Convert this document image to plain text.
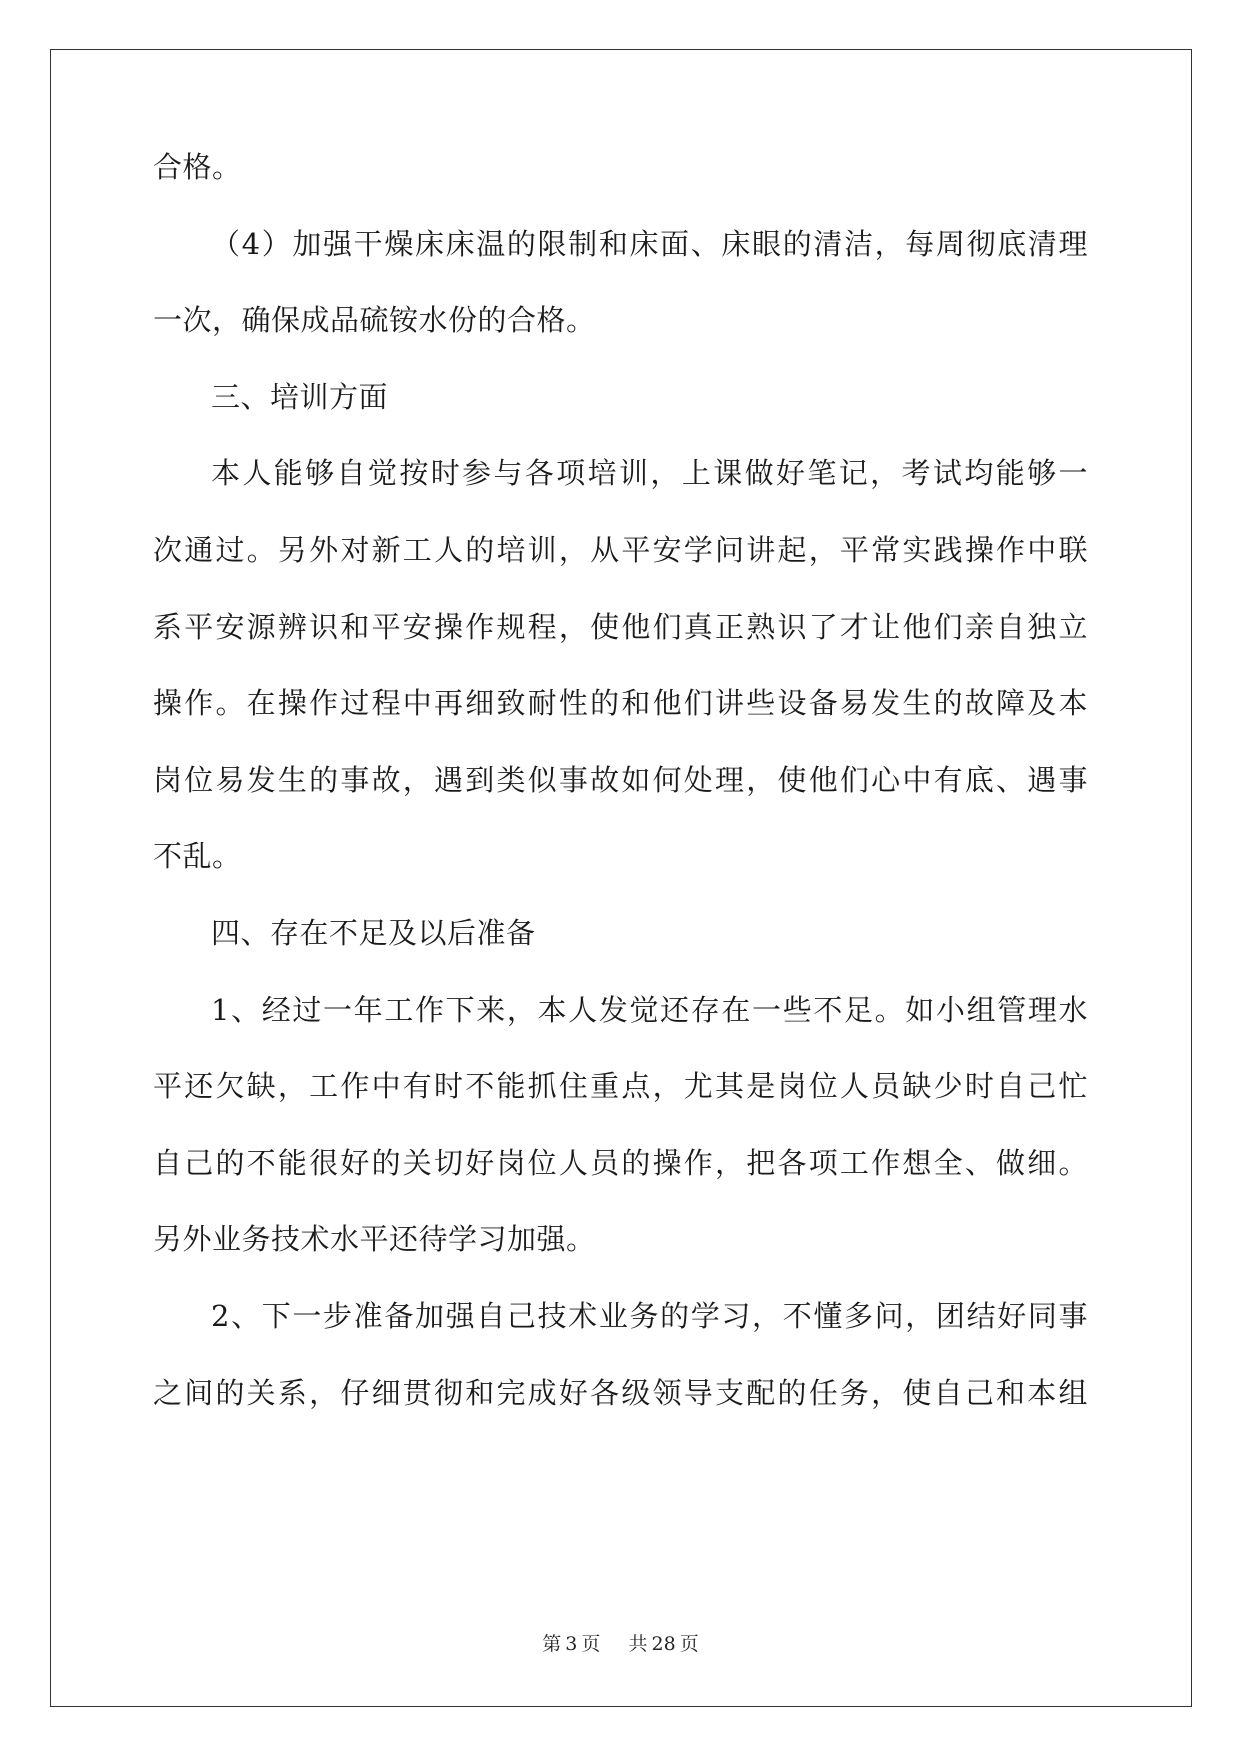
合格。
（4）加强干燥床床温的限制和床面、床眼的清洁，每周彻底清理
一次，确保成品硫铵水份的合格。
三、培训方面
本人能够自觉按时参与各项培训，上课做好笔记，考试均能够一
次通过。另外对新工人的培训，从平安学问讲起，平常实践操作中联
系平安源辨识和平安操作规程，使他们真正熟识了才让他们亲自独立
操作。在操作过程中再细致耐性的和他们讲些设备易发生的故障及本
岗位易发生的事故，遇到类似事故如何处理，使他们心中有底、遇事
不乱。
四、存在不足及以后准备
1、经过一年工作下来，本人发觉还存在一些不足。如小组管理水
平还欠缺，工作中有时不能抓住重点，尤其是岗位人员缺少时自己忙
自己的不能很好的关切好岗位人员的操作，把各项工作想全、做细。
另外业务技术水平还待学习加强。
2、下一步准备加强自己技术业务的学习，不懂多问，团结好同事
之间的关系，仔细贯彻和完成好各级领导支配的任务，使自己和本组
第 3 页 共 28 页
